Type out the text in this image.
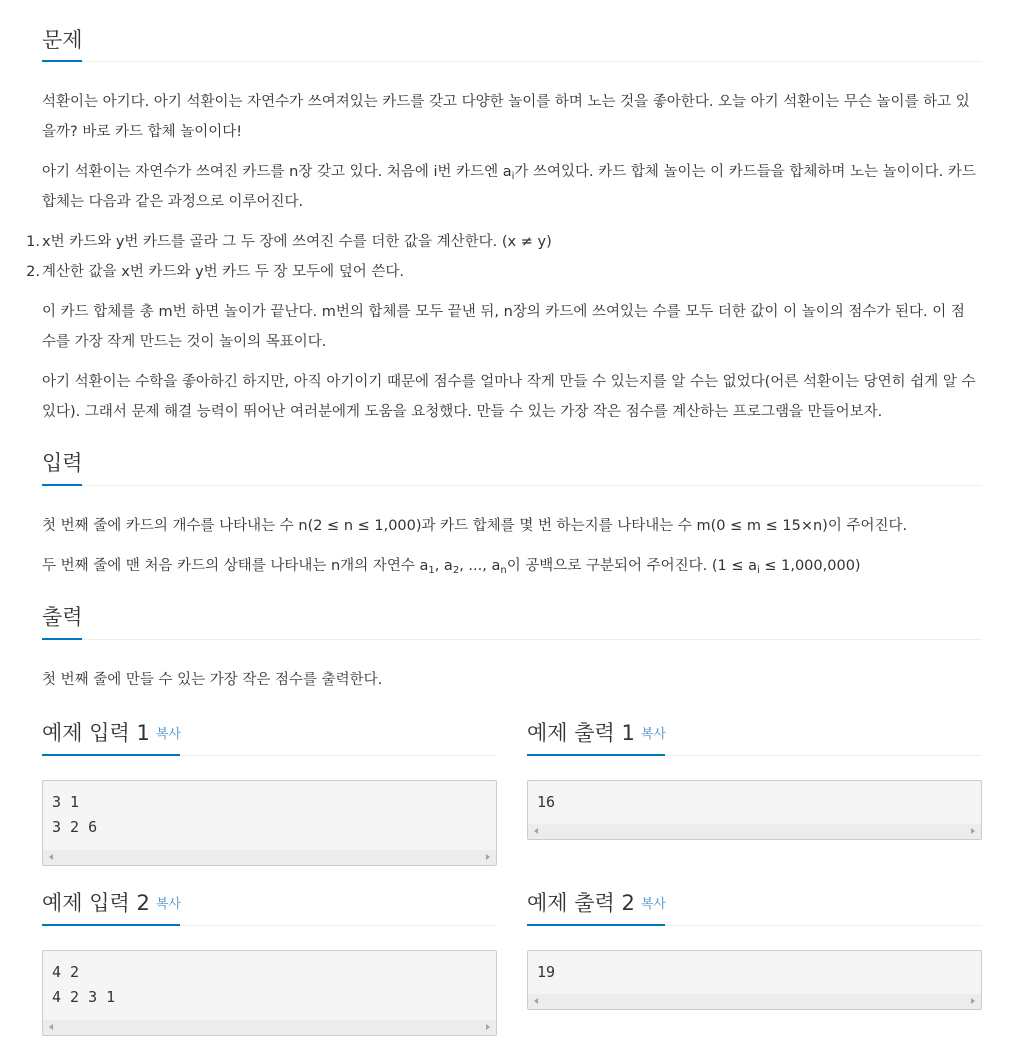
문제

석환이는 아기다. 아기 석환이는 자연수가 쓰여져있는 카드를 갖고 다양한 놀이를 하며 노는 것을 좋아한다. 오늘 아기 석환이는 무슨 놀이를 하고 있을까? 바로 카드 합체 놀이이다!

아기 석환이는 자연수가 쓰여진 카드를 n장 갖고 있다. 처음에 i번 카드엔 $a_i$가 쓰여있다. 카드 합체 놀이는 이 카드들을 합체하며 노는 놀이이다. 카드 합체는 다음과 같은 과정으로 이루어진다.

1. x번 카드와 y번 카드를 골라 그 두 장에 쓰여진 수를 더한 값을 계산한다. (x ≠ y)
2. 계산한 값을 x번 카드와 y번 카드 두 장 모두에 덮어 쓴다.

이 카드 합체를 총 m번 하면 놀이가 끝난다. m번의 합체를 모두 끝낸 뒤, n장의 카드에 쓰여있는 수를 모두 더한 값이 이 놀이의 점수가 된다. 이 점수를 가장 작게 만드는 것이 놀이의 목표이다.

아기 석환이는 수학을 좋아하긴 하지만, 아직 아기이기 때문에 점수를 얼마나 작게 만들 수 있는지를 알 수는 없었다(어른 석환이는 당연히 쉽게 알 수 있다). 그래서 문제 해결 능력이 뛰어난 여러분에게 도움을 요청했다. 만들 수 있는 가장 작은 점수를 계산하는 프로그램을 만들어보자.

입력

첫 번째 줄에 카드의 개수를 나타내는 수 n(2 ≤ n ≤ 1,000)과 카드 합체를 몇 번 하는지를 나타내는 수 m(0 ≤ m ≤ 15×n)이 주어진다.

두 번째 줄에 맨 처음 카드의 상태를 나타내는 n개의 자연수 $a_1$, $a_2$, ..., $a_n$이 공백으로 구분되어 주어진다. $(1 \le a_i \le 1,000,000)$

출력

첫 번째 줄에 만들 수 있는 가장 작은 점수를 출력한다.

예제 입력 1 복사
3 1
3 2 6
예제 출력 1 복사
16
예제 입력 2 복사
4 2
4 2 3 1
예제 출력 2 복사
19
